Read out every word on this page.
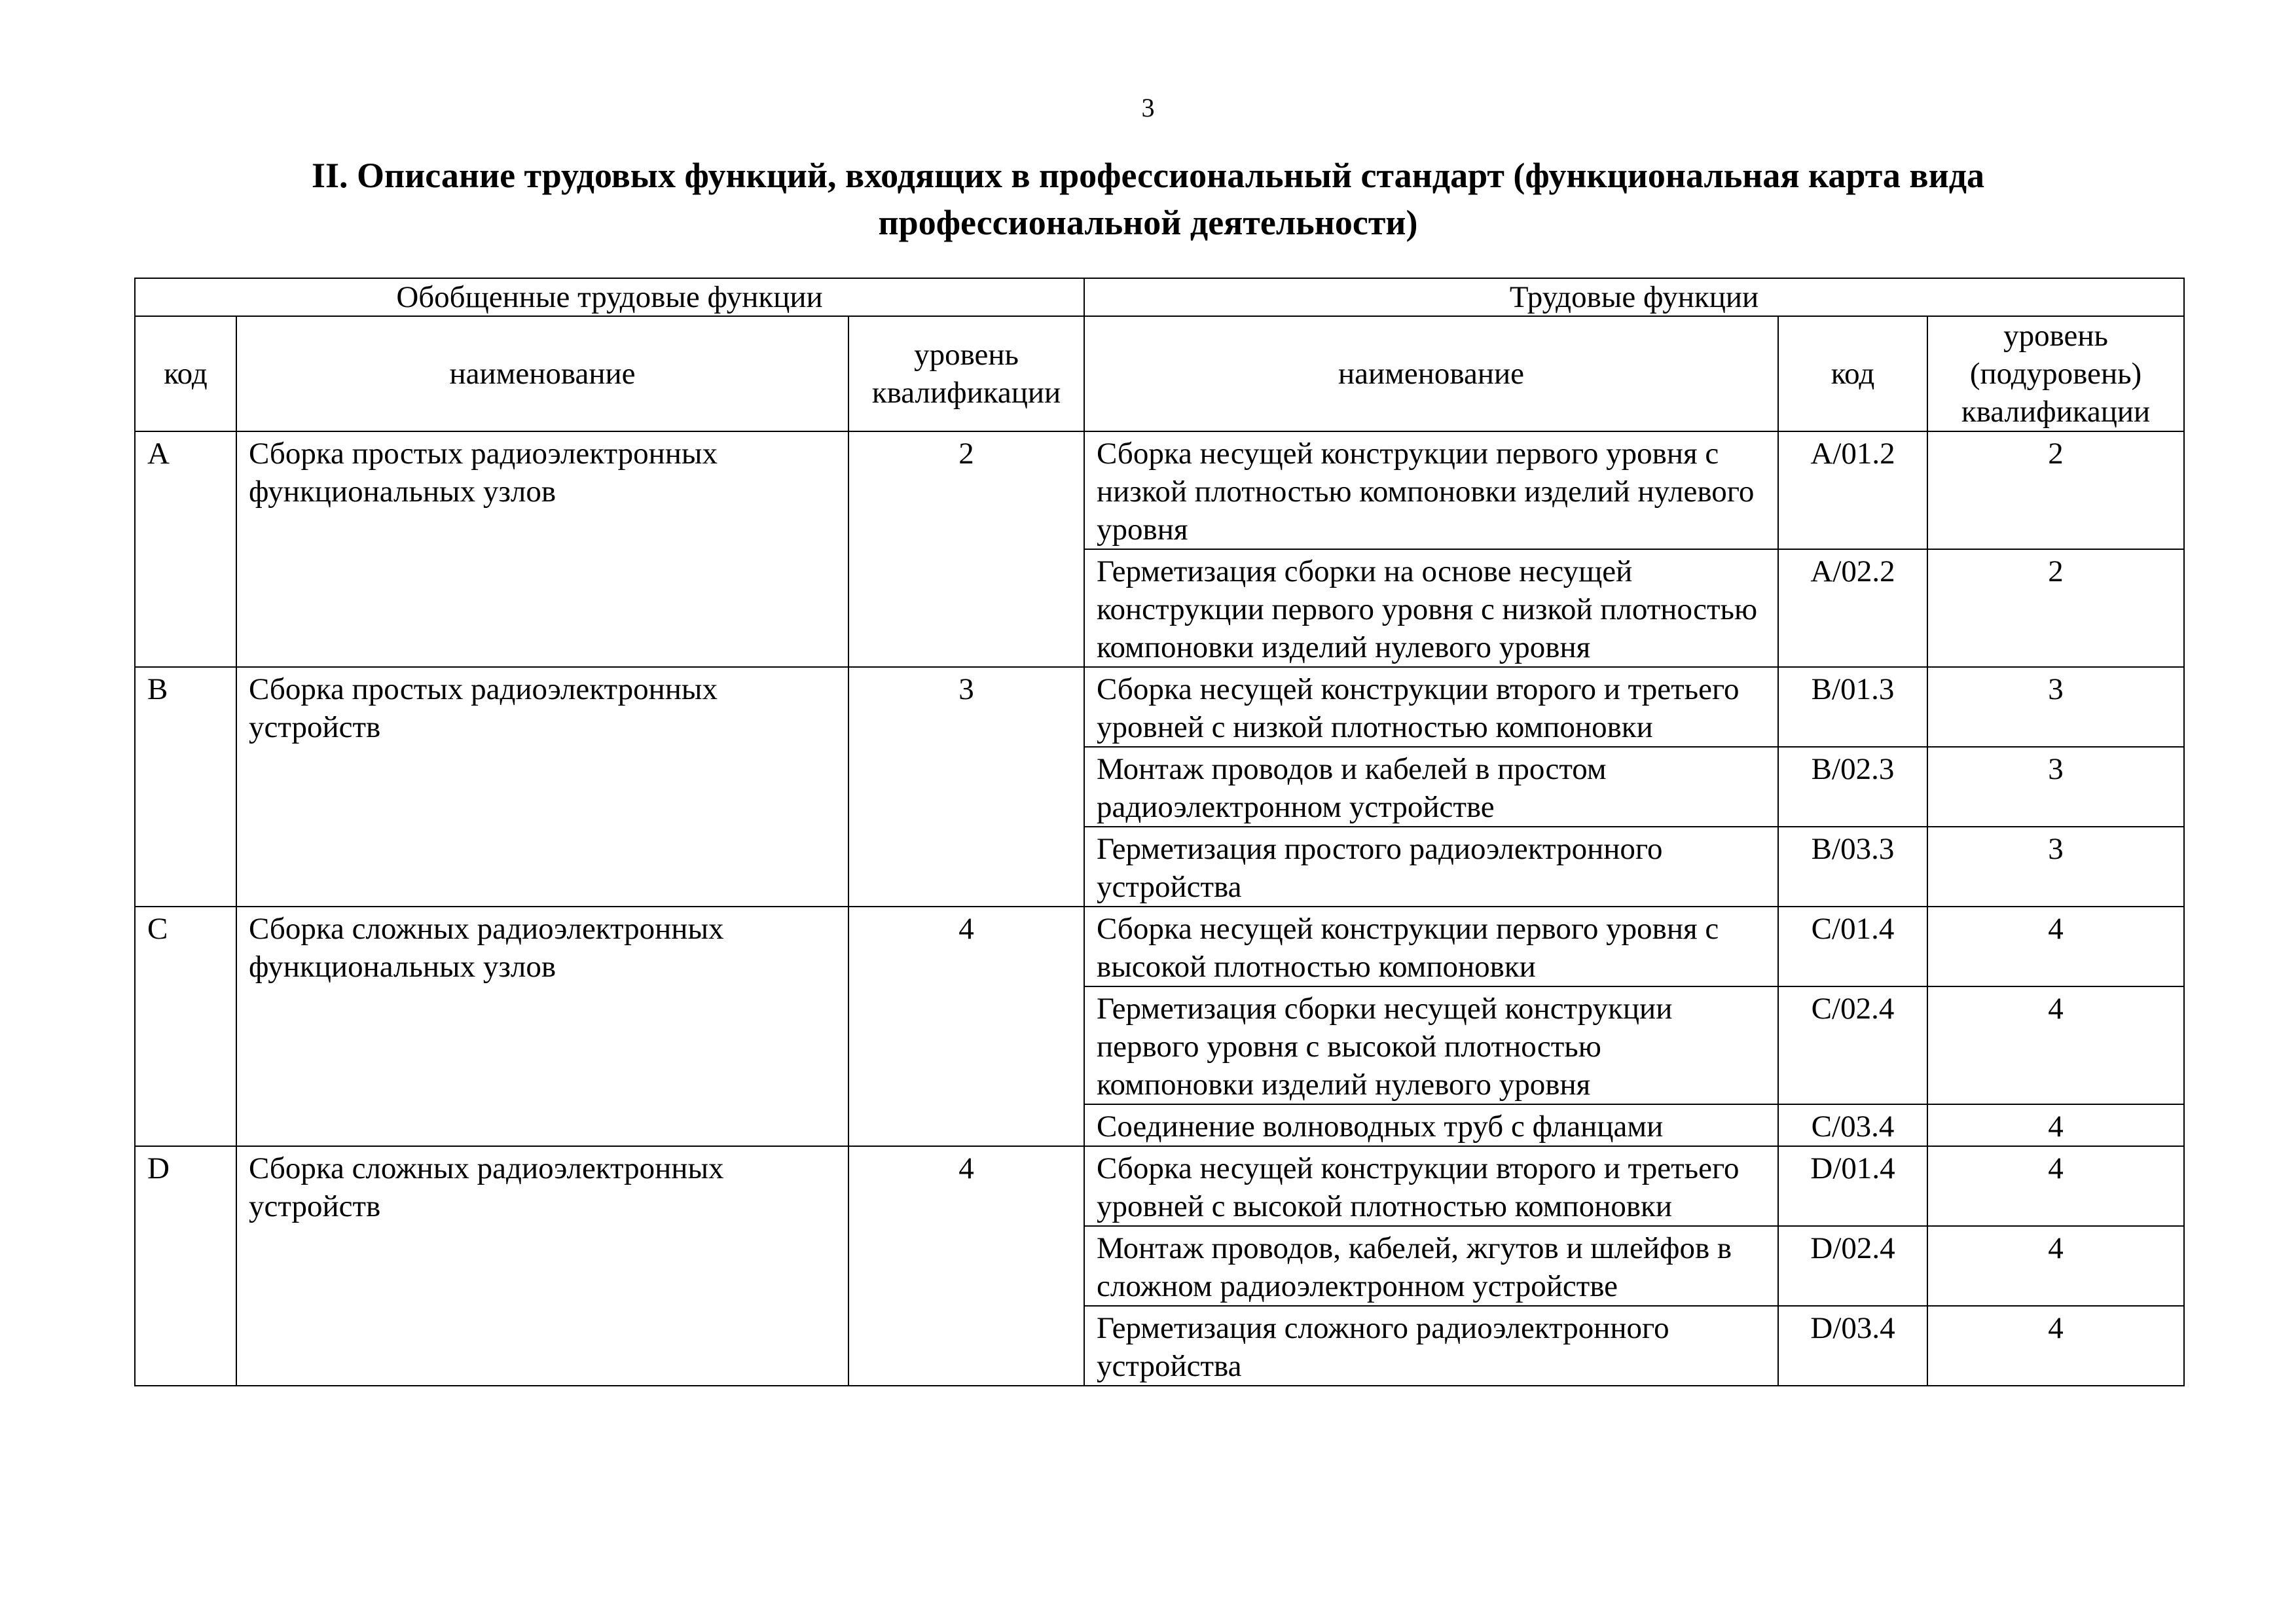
3
II. Описание трудовых функций, входящих в профессиональный стандарт (функциональная карта вида
профессиональной деятельности)
Обобщенные трудовые функции			Трудовые функции		
код	наименование	уровень квалификации	наименование	код	уровень (подуровень) квалификации
A	Сборка простых радиоэлектронных функциональных узлов	2	Сборка несущей конструкции первого уровня с низкой плотностью компоновки изделий нулевого уровня	A/01.2	2
			Герметизация сборки на основе несущей конструкции первого уровня с низкой плотностью компоновки изделий нулевого уровня	A/02.2	2
B	Сборка простых радиоэлектронных устройств	3	Сборка несущей конструкции второго и третьего уровней с низкой плотностью компоновки	B/01.3	3
			Монтаж проводов и кабелей в простом радиоэлектронном устройстве	B/02.3	3
			Герметизация простого радиоэлектронного устройства	B/03.3	3
C	Сборка сложных радиоэлектронных функциональных узлов	4	Сборка несущей конструкции первого уровня с высокой плотностью компоновки	C/01.4	4
			Герметизация сборки несущей конструкции первого уровня с высокой плотностью компоновки изделий нулевого уровня	C/02.4	4
			Соединение волноводных труб с фланцами	C/03.4	4
D	Сборка сложных радиоэлектронных устройств	4	Сборка несущей конструкции второго и третьего уровней с высокой плотностью компоновки	D/01.4	4
			Монтаж проводов, кабелей, жгутов и шлейфов в сложном радиоэлектронном устройстве	D/02.4	4
			Герметизация сложного радиоэлектронного устройства	D/03.4	4
